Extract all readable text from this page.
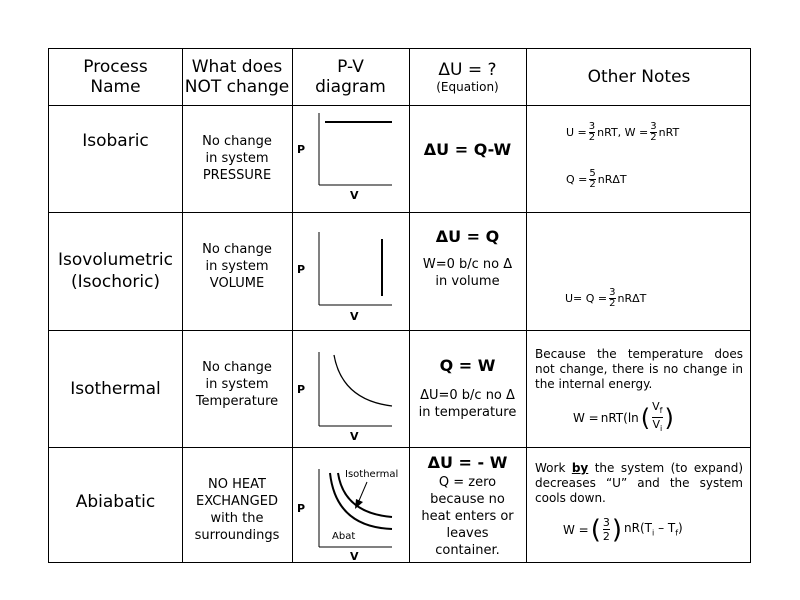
Process Name
What does NOT change
P-V diagram
ΔU = ?
(Equation)	Other Notes
Isobaric	No change
in system
PRESSURE
P
V
ΔU = Q-W
$U = \frac{3}{2}$ nRT, $W = \frac{3}{2}$ nRT

$Q = \frac{5}{2}$ nRΔT
Isovolumetric
(Isochoric)
No change
in system
VOLUME
P
V
ΔU = Q
W=0 b/c no Δ
in volume
$U= Q = \frac{3}{2}$ nRΔT
Isothermal
No change
in system
Temperature
P
V
Q = W
ΔU=0 b/c no Δ
in temperature
Because the temperature does not change, there is no change in the internal energy.
W = nRT(ln ( $\frac{V_f}{V_i}$ )
Abiabatic
NO HEAT
EXCHANGED
with the
surroundings
Isothermal
Abat
P
V
ΔU = - W
Q = zero
because no
heat enters or
leaves
container.
Work by the system (to expand) decreases “U” and the system cools down.
W = ( $\frac{3}{2}$ ) $nR(T_i - T_f)$
